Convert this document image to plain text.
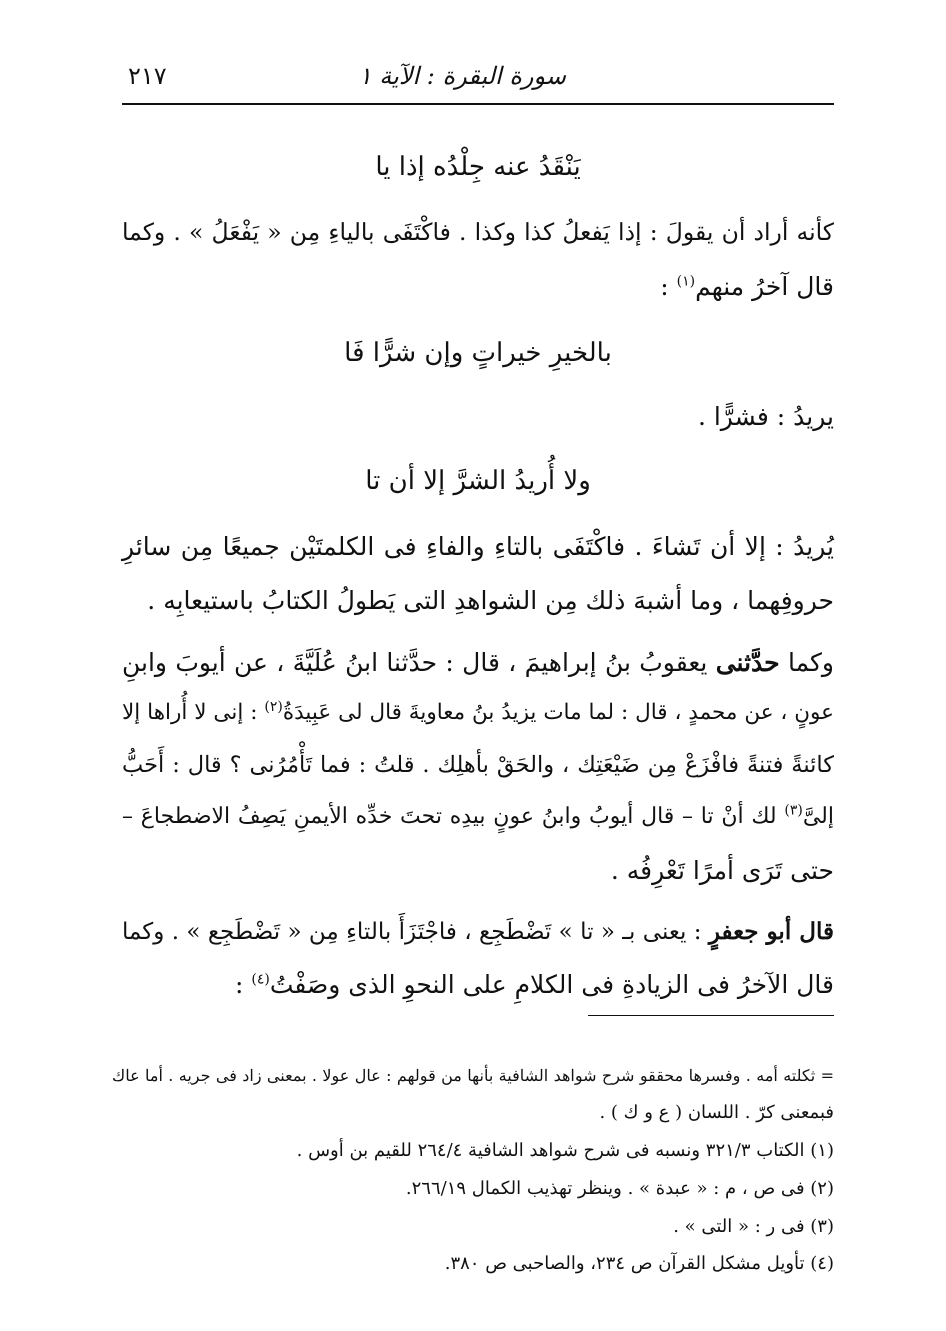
سورة البقرة : الآية ١
٢١٧
يَنْقَدُ عنه جِلْدُه إذا يا
كأنه أراد أن يقولَ : إذا يَفعلُ كذا وكذا . فاكْتَفَى بالياءِ مِن « يَفْعَلُ » . وكما
قال آخرُ منهم$^{(١)}$ :
بالخيرِ خيراتٍ وإن شرًّا فَا
يريدُ : فشرًّا .
ولا أُريدُ الشرَّ إلا أن تا
يُريدُ : إلا أن تَشاءَ . فاكْتَفَى بالتاءِ والفاءِ فى الكلمتَيْن جميعًا مِن سائرِ
حروفِهما ، وما أشبهَ ذلك مِن الشواهدِ التى يَطولُ الكتابُ باستيعابِه .
وكما حدَّثنى يعقوبُ بنُ إبراهيمَ ، قال : حدَّثنا ابنُ عُلَيَّةَ ، عن أيوبَ وابنِ
عونٍ ، عن محمدٍ ، قال : لما مات يزيدُ بنُ معاويةَ قال لى عَبِيدَةُ$^{(٢)}$ : إنى لا أُراها إلا
كائنةً فتنةً فافْزَعْ مِن ضَيْعَتِك ، والحَقْ بأهلِك . قلتُ : فما تَأْمُرُنى ؟ قال : أَحَبُّ
إلىَّ$^{(٣)}$ لك أنْ تا – قال أيوبُ وابنُ عونٍ بيدِه تحتَ خدِّه الأيمنِ يَصِفُ الاضطجاعَ –
حتى تَرَى أمرًا تَعْرِفُه .
قال أبو جعفرٍ : يعنى بـ « تا » تَضْطَجِع ، فاجْتَزَأَ بالتاءِ مِن « تَضْطَجِع » . وكما
قال الآخرُ فى الزيادةِ فى الكلامِ على النحوِ الذى وصَفْتُ$^{(٤)}$ :
= ثكلته أمه . وفسرها محققو شرح شواهد الشافية بأنها من قولهم : عال عولا . بمعنى زاد فى جريه . أما عاك
فبمعنى كرّ . اللسان ( ع و ك ) .
(١) الكتاب ٣٢١/٣ ونسبه فى شرح شواهد الشافية ٢٦٤/٤ للقيم بن أوس .
(٢) فى ص ، م : « عبدة » . وينظر تهذيب الكمال ٢٦٦/١٩.
(٣) فى ر : « التى » .
(٤) تأويل مشكل القرآن ص ٢٣٤، والصاحبى ص ٣٨٠.
